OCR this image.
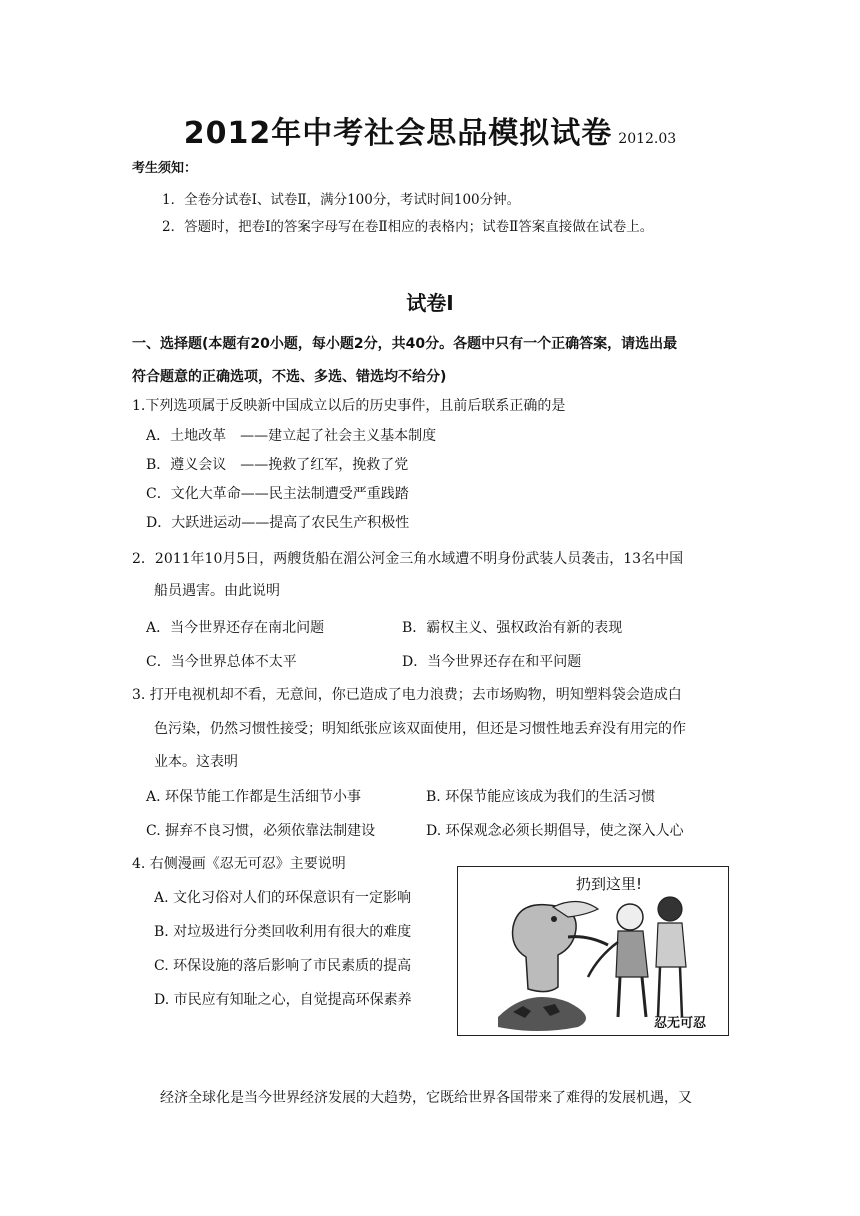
2012年中考社会思品模拟试卷 2012.03
考生须知：
1．全卷分试卷Ⅰ、试卷Ⅱ，满分100分，考试时间100分钟。
2．答题时，把卷Ⅰ的答案字母写在卷Ⅱ相应的表格内；试卷Ⅱ答案直接做在试卷上。
试卷Ⅰ
一、选择题(本题有20小题，每小题2分，共40分。各题中只有一个正确答案，请选出最
符合题意的正确选项，不选、多选、错选均不给分)
1.下列选项属于反映新中国成立以后的历史事件，且前后联系正确的是
A．土地改革　——建立起了社会主义基本制度
B．遵义会议　——挽救了红军，挽救了党
C．文化大革命——民主法制遭受严重践踏
D．大跃进运动——提高了农民生产积极性
2．2011年10月5日，两艘货船在湄公河金三角水域遭不明身份武装人员袭击，13名中国
船员遇害。由此说明
A．当今世界还存在南北问题	B．霸权主义、强权政治有新的表现
C．当今世界总体不太平	D．当今世界还存在和平问题
3. 打开电视机却不看，无意间，你已造成了电力浪费；去市场购物，明知塑料袋会造成白
色污染，仍然习惯性接受；明知纸张应该双面使用，但还是习惯性地丢弃没有用完的作
业本。这表明
A. 环保节能工作都是生活细节小事	B. 环保节能应该成为我们的生活习惯
C. 摒弃不良习惯，必须依靠法制建设	D. 环保观念必须长期倡导，使之深入人心
4. 右侧漫画《忍无可忍》主要说明
A. 文化习俗对人们的环保意识有一定影响
B. 对垃圾进行分类回收利用有很大的难度
C. 环保设施的落后影响了市民素质的提高
D. 市民应有知耻之心，自觉提高环保素养
扔到这里!
忍无可忍
经济全球化是当今世界经济发展的大趋势，它既给世界各国带来了难得的发展机遇，又
